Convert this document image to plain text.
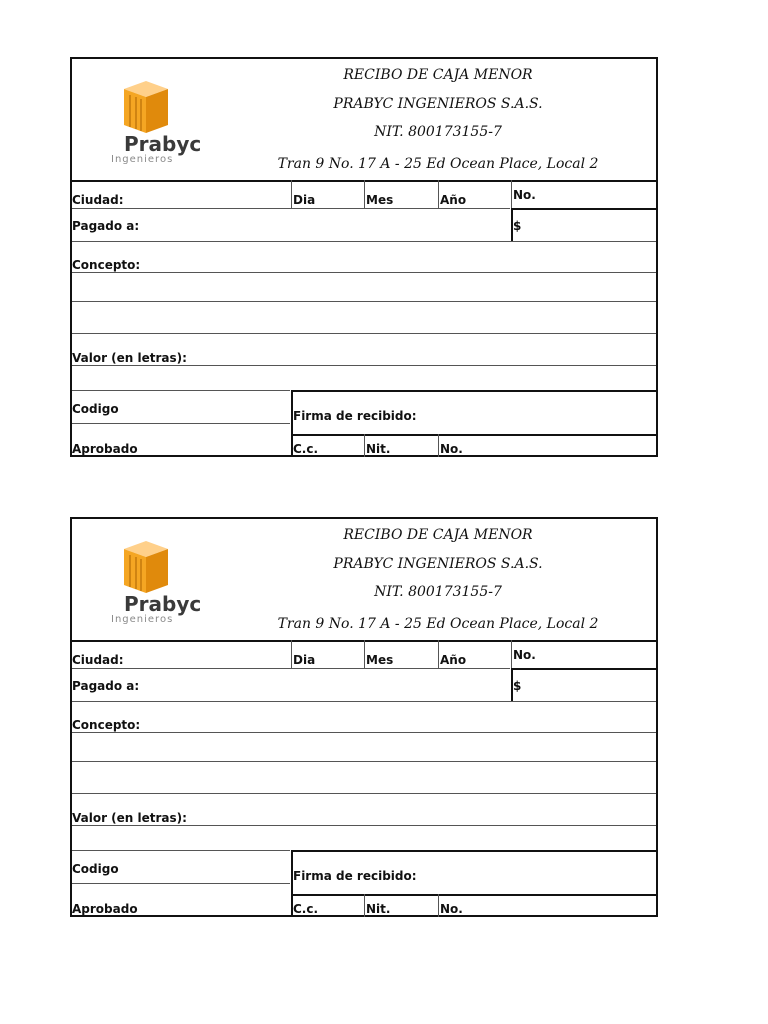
Prabyc
Ingenieros
RECIBO DE CAJA MENOR
PRABYC INGENIEROS S.A.S.
NIT. 800173155-7
Tran 9 No. 17 A - 25 Ed Ocean Place, Local 2
Ciudad:	Dia	Mes	Año	No.
Pagado a:	$
Concepto:
Valor (en letras):
Codigo	Firma de recibido:
Aprobado	C.c.	Nit.	No.
Prabyc
Ingenieros
RECIBO DE CAJA MENOR
PRABYC INGENIEROS S.A.S.
NIT. 800173155-7
Tran 9 No. 17 A - 25 Ed Ocean Place, Local 2
Ciudad:	Dia	Mes	Año	No.
Pagado a:	$
Concepto:
Valor (en letras):
Codigo	Firma de recibido:
Aprobado	C.c.	Nit.	No.
